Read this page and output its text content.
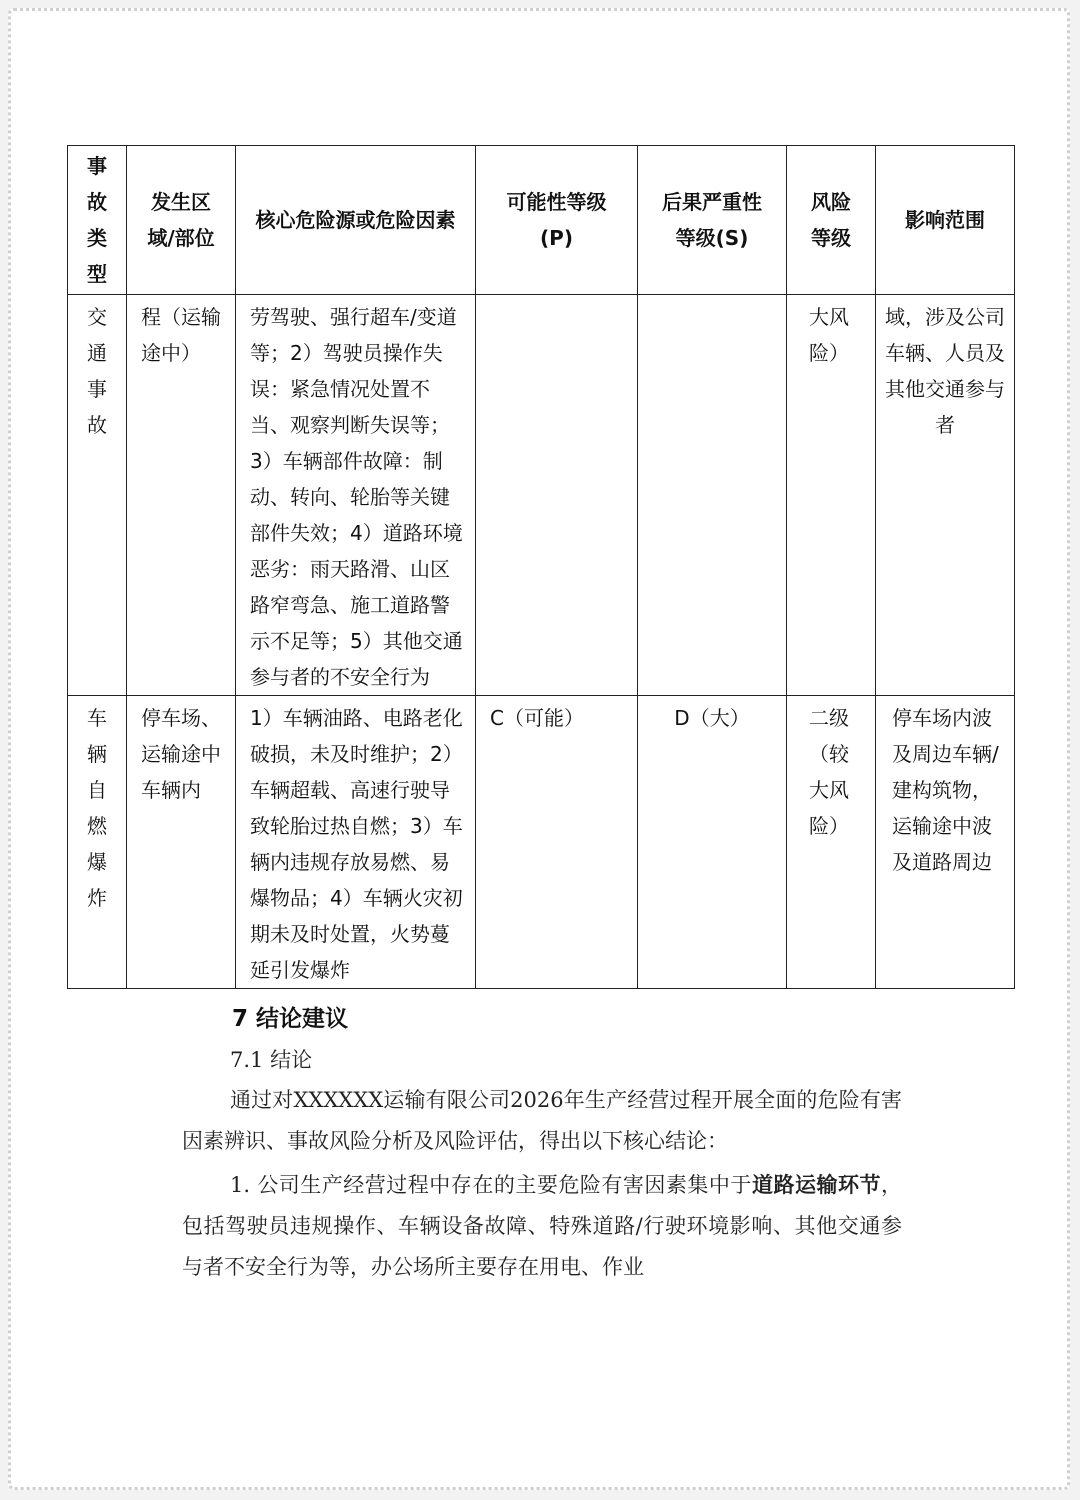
事故类型	发生区域/部位	核心危险源或危险因素	可能性等级(P)	后果严重性等级(S)	风险等级	影响范围

交通事故	程（运输途中）	劳驾驶、强行超车/变道等；2）驾驶员操作失误：紧急情况处置不当、观察判断失误等；3）车辆部件故障：制动、转向、轮胎等关键部件失效；4）道路环境恶劣：雨天路滑、山区路窄弯急、施工道路警示不足等；5）其他交通参与者的不安全行为			大风险）	域，涉及公司车辆、人员及其他交通参与者

车辆自燃爆炸	停车场、运输途中车辆内	1）车辆油路、电路老化破损，未及时维护；2）车辆超载、高速行驶导致轮胎过热自燃；3）车辆内违规存放易燃、易爆物品；4）车辆火灾初期未及时处置，火势蔓延引发爆炸	C（可能）	D（大）	二级（较大风险）	停车场内波及周边车辆/建构筑物，运输途中波及道路周边
7 结论建议
7.1 结论
通过对XXXXXX运输有限公司2026年生产经营过程开展全面的危险有害因素辨识、事故风险分析及风险评估，得出以下核心结论：
1. 公司生产经营过程中存在的主要危险有害因素集中于道路运输环节，包括驾驶员违规操作、车辆设备故障、特殊道路/行驶环境影响、其他交通参与者不安全行为等，办公场所主要存在用电、作业
